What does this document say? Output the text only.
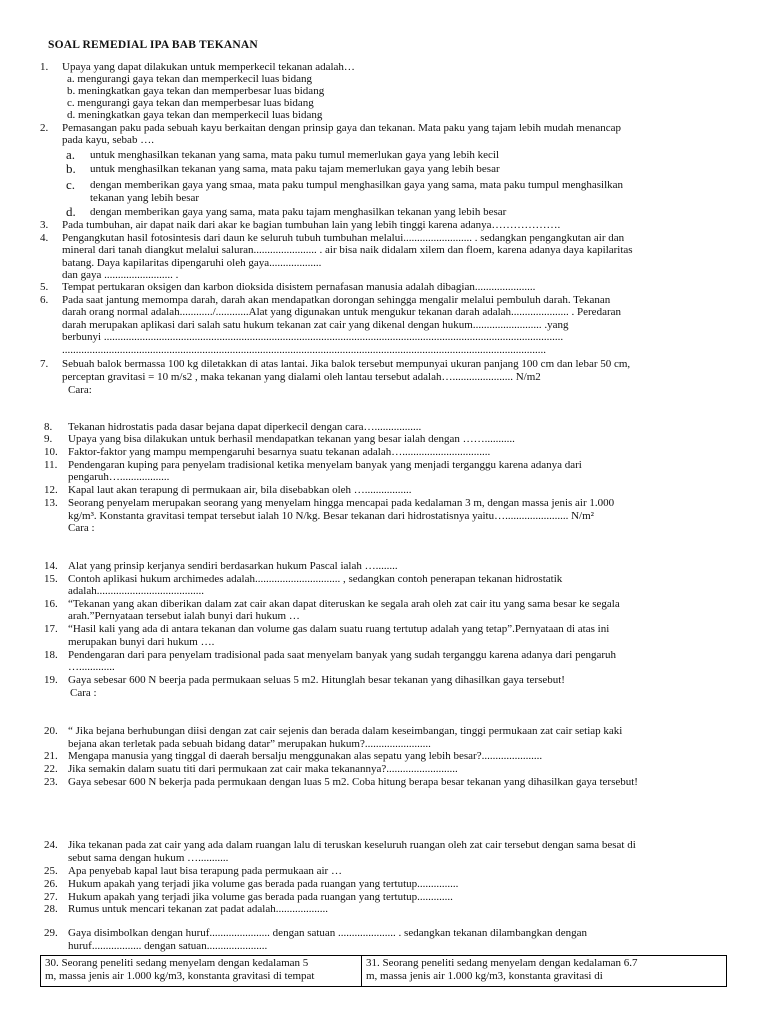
SOAL REMEDIAL IPA BAB TEKANAN
1. Upaya yang dapat dilakukan untuk memperkecil tekanan adalah…
a. mengurangi gaya tekan dan memperkecil luas bidang
b. meningkatkan gaya tekan dan memperbesar luas bidang
c. mengurangi gaya tekan dan memperbesar luas bidang
d. meningkatkan gaya tekan dan memperkecil luas bidang
2. Pemasangan paku pada sebuah kayu berkaitan dengan prinsip gaya dan tekanan. Mata paku yang tajam lebih mudah menancap
pada kayu, sebab ….
a. untuk menghasilkan tekanan yang sama, mata paku tumul memerlukan gaya yang lebih kecil
b. untuk menghasilkan tekanan yang sama, mata paku tajam memerlukan gaya yang lebih besar
c. dengan memberikan gaya yang smaa, mata paku tumpul menghasilkan gaya yang sama, mata paku tumpul menghasilkan
tekanan yang lebih besar
d. dengan memberikan gaya yang sama, mata paku tajam menghasilkan tekanan yang lebih besar
3. Pada tumbuhan, air dapat naik dari akar ke bagian tumbuhan lain yang lebih tinggi karena adanya……………….
4. Pengangkutan hasil fotosintesis dari daun ke seluruh tubuh tumbuhan melalui......................... . sedangkan pengangkutan air dan
mineral dari tanah diangkut melalui saluran....................... . air bisa naik didalam xilem dan floem, karena adanya daya kapilaritas
batang. Daya kapilaritas dipengaruhi oleh gaya...................
dan gaya ......................... .
5. Tempat pertukaran oksigen dan karbon dioksida disistem pernafasan manusia adalah dibagian......................
6. Pada saat jantung memompa darah, darah akan mendapatkan dorongan sehingga mengalir melalui pembuluh darah. Tekanan
darah orang normal adalah............/............Alat yang digunakan untuk mengukur tekanan darah adalah..................... . Peredaran
darah merupakan aplikasi dari salah satu hukum tekanan zat cair yang dikenal dengan hukum......................... .yang
berbunyi .......................................................................................................................................................................
................................................................................................................................................................................
7. Sebuah balok bermassa 100 kg diletakkan di atas lantai. Jika balok tersebut mempunyai ukuran panjang 100 cm dan lebar 50 cm,
perceptan gravitasi = 10 m/s2 , maka tekanan yang dialami oleh lantau tersebut adalah…...................... N/m2
Cara:
8. Tekanan hidrostatis pada dasar bejana dapat diperkecil dengan cara….................
9. Upaya yang bisa dilakukan untuk berhasil mendapatkan tekanan yang besar ialah dengan ……...........
10. Faktor-faktor yang mampu mempengaruhi besarnya suatu tekanan adalah…................................
11. Pendengaran kuping para penyelam tradisional ketika menyelam banyak yang menjadi terganggu karena adanya dari
pengaruh…..................
12. Kapal laut akan terapung di permukaan air, bila disebabkan oleh ….................
13. Seorang penyelam merupakan seorang yang menyelam hingga mencapai pada kedalaman 3 m, dengan massa jenis air 1.000
kg/m³. Konstanta gravitasi tempat tersebut ialah 10 N/kg. Besar tekanan dari hidrostatisnya yaitu…....................... N/m²
Cara :
14. Alat yang prinsip kerjanya sendiri berdasarkan hukum Pascal ialah …........
15. Contoh aplikasi hukum archimedes adalah............................... , sedangkan contoh penerapan tekanan hidrostatik
adalah.......................................
16. “Tekanan yang akan diberikan dalam zat cair akan dapat diteruskan ke segala arah oleh zat cair itu yang sama besar ke segala
arah.”Pernyataan tersebut ialah bunyi dari hukum …
17. “Hasil kali yang ada di antara tekanan dan volume gas dalam suatu ruang tertutup adalah yang tetap”.Pernyataan di atas ini
merupakan bunyi dari hukum ….
18. Pendengaran dari para penyelam tradisional pada saat menyelam banyak yang sudah terganggu karena adanya dari pengaruh
….............
19. Gaya sebesar 600 N beerja pada permukaan seluas 5 m2. Hitunglah besar tekanan yang dihasilkan gaya tersebut!
Cara :
20. “ Jika bejana berhubungan diisi dengan zat cair sejenis dan berada dalam keseimbangan, tinggi permukaan zat cair setiap kaki
bejana akan terletak pada sebuah bidang datar” merupakan hukum?........................
21. Mengapa manusia yang tinggal di daerah bersalju menggunakan alas sepatu yang lebih besar?......................
22. Jika semakin dalam suatu titi dari permukaan zat cair maka tekanannya?..........................
23. Gaya sebesar 600 N bekerja pada permukaan dengan luas 5 m2. Coba hitung berapa besar tekanan yang dihasilkan gaya tersebut!
24. Jika tekanan pada zat cair yang ada dalam ruangan lalu di teruskan keseluruh ruangan oleh zat cair tersebut dengan sama besat di
sebut sama dengan hukum …...........
25. Apa penyebab kapal laut bisa terapung pada permukaan air …
26. Hukum apakah yang terjadi jika volume gas berada pada ruangan yang tertutup...............
27. Hukum apakah yang terjadi jika volume gas berada pada ruangan yang tertutup.............
28. Rumus untuk mencari tekanan zat padat adalah...................
29. Gaya disimbolkan dengan huruf...................... dengan satuan ..................... . sedangkan tekanan dilambangkan dengan
huruf.................. dengan satuan......................
30. Seorang peneliti sedang menyelam dengan kedalaman 5
m, massa jenis air 1.000 kg/m3, konstanta gravitasi di tempat
31. Seorang peneliti sedang menyelam dengan kedalaman 6.7
m, massa jenis air 1.000 kg/m3, konstanta gravitasi di
